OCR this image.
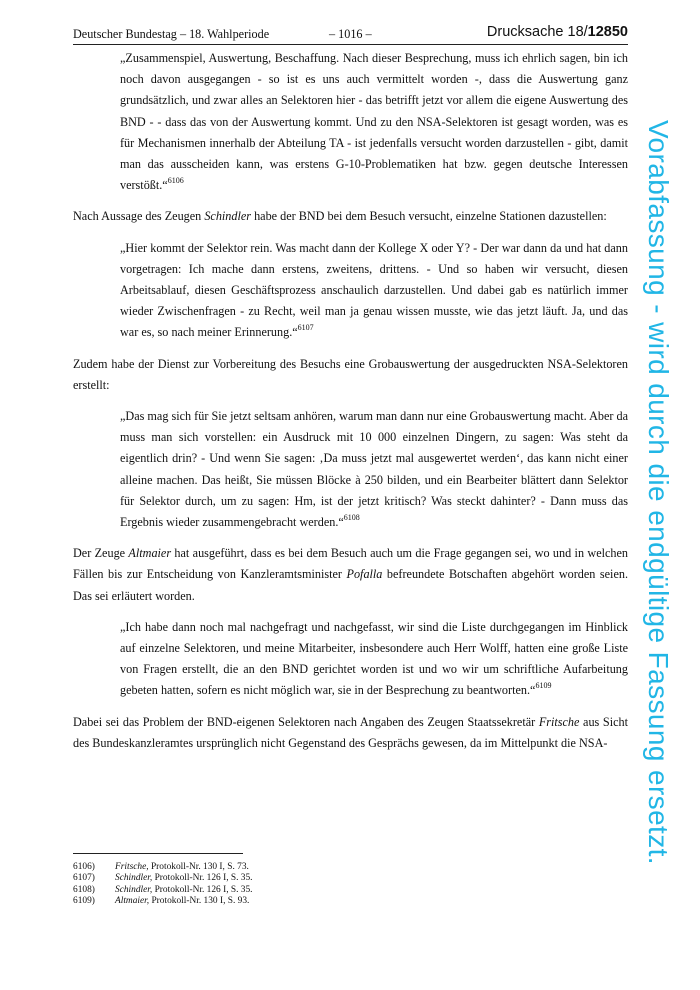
Deutscher Bundestag – 18. Wahlperiode	– 1016 –	Drucksache 18/12850

„Zusammenspiel, Auswertung, Beschaffung. Nach dieser Besprechung, muss ich ehrlich sagen, bin ich noch davon ausgegangen - so ist es uns auch vermittelt worden -, dass die Auswertung ganz grundsätzlich, und zwar alles an Selektoren hier - das betrifft jetzt vor allem die eigene Auswertung des BND - - dass das von der Auswertung kommt. Und zu den NSA-Selektoren ist gesagt worden, was es für Mechanismen innerhalb der Abteilung TA - ist jedenfalls versucht worden darzustellen - gibt, damit man das ausscheiden kann, was erstens G-10-Problematiken hat bzw. gegen deutsche Interessen verstößt.“$^{6106}$

Nach Aussage des Zeugen Schindler habe der BND bei dem Besuch versucht, einzelne Stationen dazustellen:

„Hier kommt der Selektor rein. Was macht dann der Kollege X oder Y? - Der war dann da und hat dann vorgetragen: Ich mache dann erstens, zweitens, drittens. - Und so haben wir versucht, diesen Arbeitsablauf, diesen Geschäftsprozess anschaulich darzustellen. Und dabei gab es natürlich immer wieder Zwischenfragen - zu Recht, weil man ja genau wissen musste, wie das jetzt läuft. Ja, und das war es, so nach meiner Erinnerung.“$^{6107}$

Zudem habe der Dienst zur Vorbereitung des Besuchs eine Grobauswertung der ausgedruckten NSA-Selektoren erstellt:

„Das mag sich für Sie jetzt seltsam anhören, warum man dann nur eine Grobauswertung macht. Aber da muss man sich vorstellen: ein Ausdruck mit 10 000 einzelnen Dingern, zu sagen: Was steht da eigentlich drin? - Und wenn Sie sagen: ‚Da muss jetzt mal ausgewertet werden‘, das kann nicht einer alleine machen. Das heißt, Sie müssen Blöcke à 250 bilden, und ein Bearbeiter blättert dann Selektor für Selektor durch, um zu sagen: Hm, ist der jetzt kritisch? Was steckt dahinter? - Dann muss das Ergebnis wieder zusammengebracht werden.“$^{6108}$

Der Zeuge Altmaier hat ausgeführt, dass es bei dem Besuch auch um die Frage gegangen sei, wo und in welchen Fällen bis zur Entscheidung von Kanzleramtsminister Pofalla befreundete Botschaften abgehört worden seien. Das sei erläutert worden.

„Ich habe dann noch mal nachgefragt und nachgefasst, wir sind die Liste durchgegangen im Hinblick auf einzelne Selektoren, und meine Mitarbeiter, insbesondere auch Herr Wolff, hatten eine große Liste von Fragen erstellt, die an den BND gerichtet worden ist und wo wir um schriftliche Aufarbeitung gebeten hatten, sofern es nicht möglich war, sie in der Besprechung zu beantworten.“$^{6109}$

Dabei sei das Problem der BND-eigenen Selektoren nach Angaben des Zeugen Staatssekretär Fritsche aus Sicht des Bundeskanzleramtes ursprünglich nicht Gegenstand des Gesprächs gewesen, da im Mittelpunkt die NSA-

6106)	Fritsche, Protokoll-Nr. 130 I, S. 73.
6107)	Schindler, Protokoll-Nr. 126 I, S. 35.
6108)	Schindler, Protokoll-Nr. 126 I, S. 35.
6109)	Altmaier, Protokoll-Nr. 130 I, S. 93.
Vorabfassung - wird durch die endgültige Fassung ersetzt.
